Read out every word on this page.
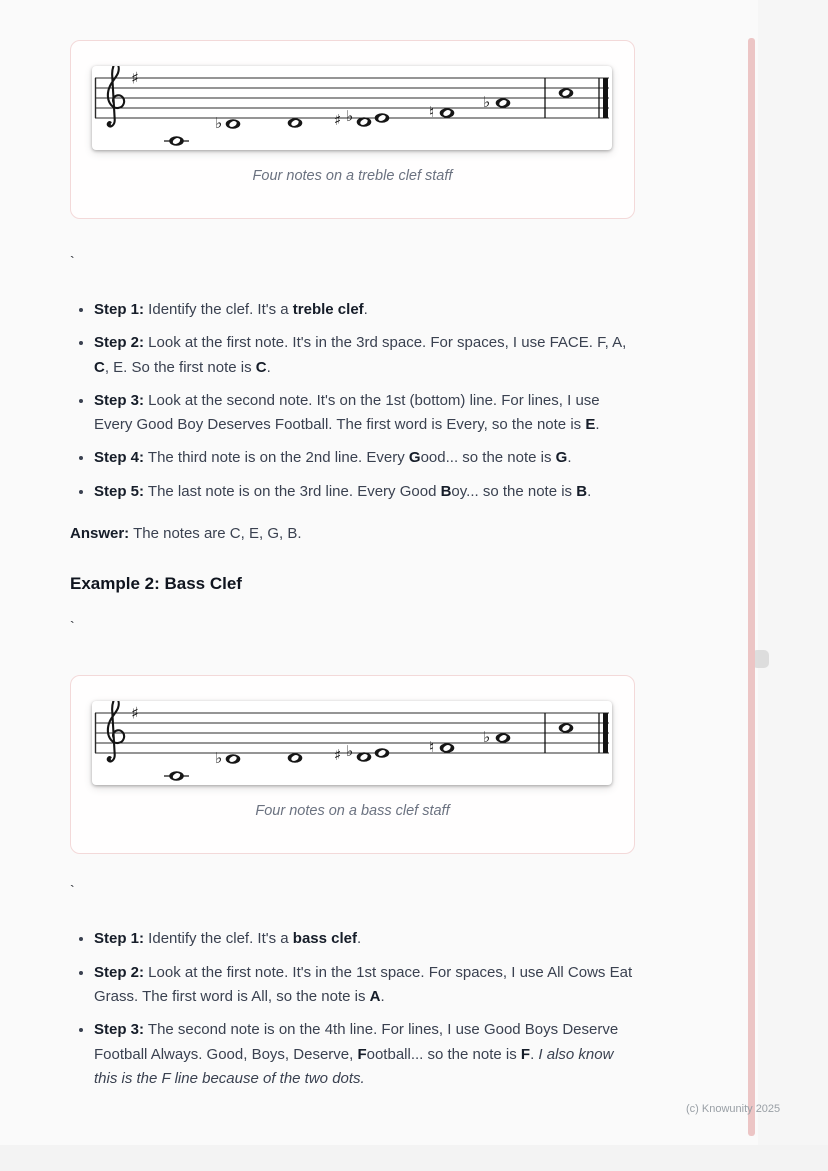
(c) Knowunity 2025
Four notes on a treble clef staff
`
• Step 1: Identify the clef. It's a treble clef.
• Step 2: Look at the first note. It's in the 3rd space. For spaces, I use FACE. F, A, C, E. So the first note is C.
• Step 3: Look at the second note. It's on the 1st (bottom) line. For lines, I use Every Good Boy Deserves Football. The first word is Every, so the note is E.
• Step 4: The third note is on the 2nd line. Every Good... so the note is G.
• Step 5: The last note is on the 3rd line. Every Good Boy... so the note is B.

Answer: The notes are C, E, G, B.

Example 2: Bass Clef
`
Four notes on a bass clef staff
`
• Step 1: Identify the clef. It's a bass clef.
• Step 2: Look at the first note. It's in the 1st space. For spaces, I use All Cows Eat Grass. The first word is All, so the note is A.
• Step 3: The second note is on the 4th line. For lines, I use Good Boys Deserve Football Always. Good, Boys, Deserve, Football... so the note is F. I also know this is the F line because of the two dots.
